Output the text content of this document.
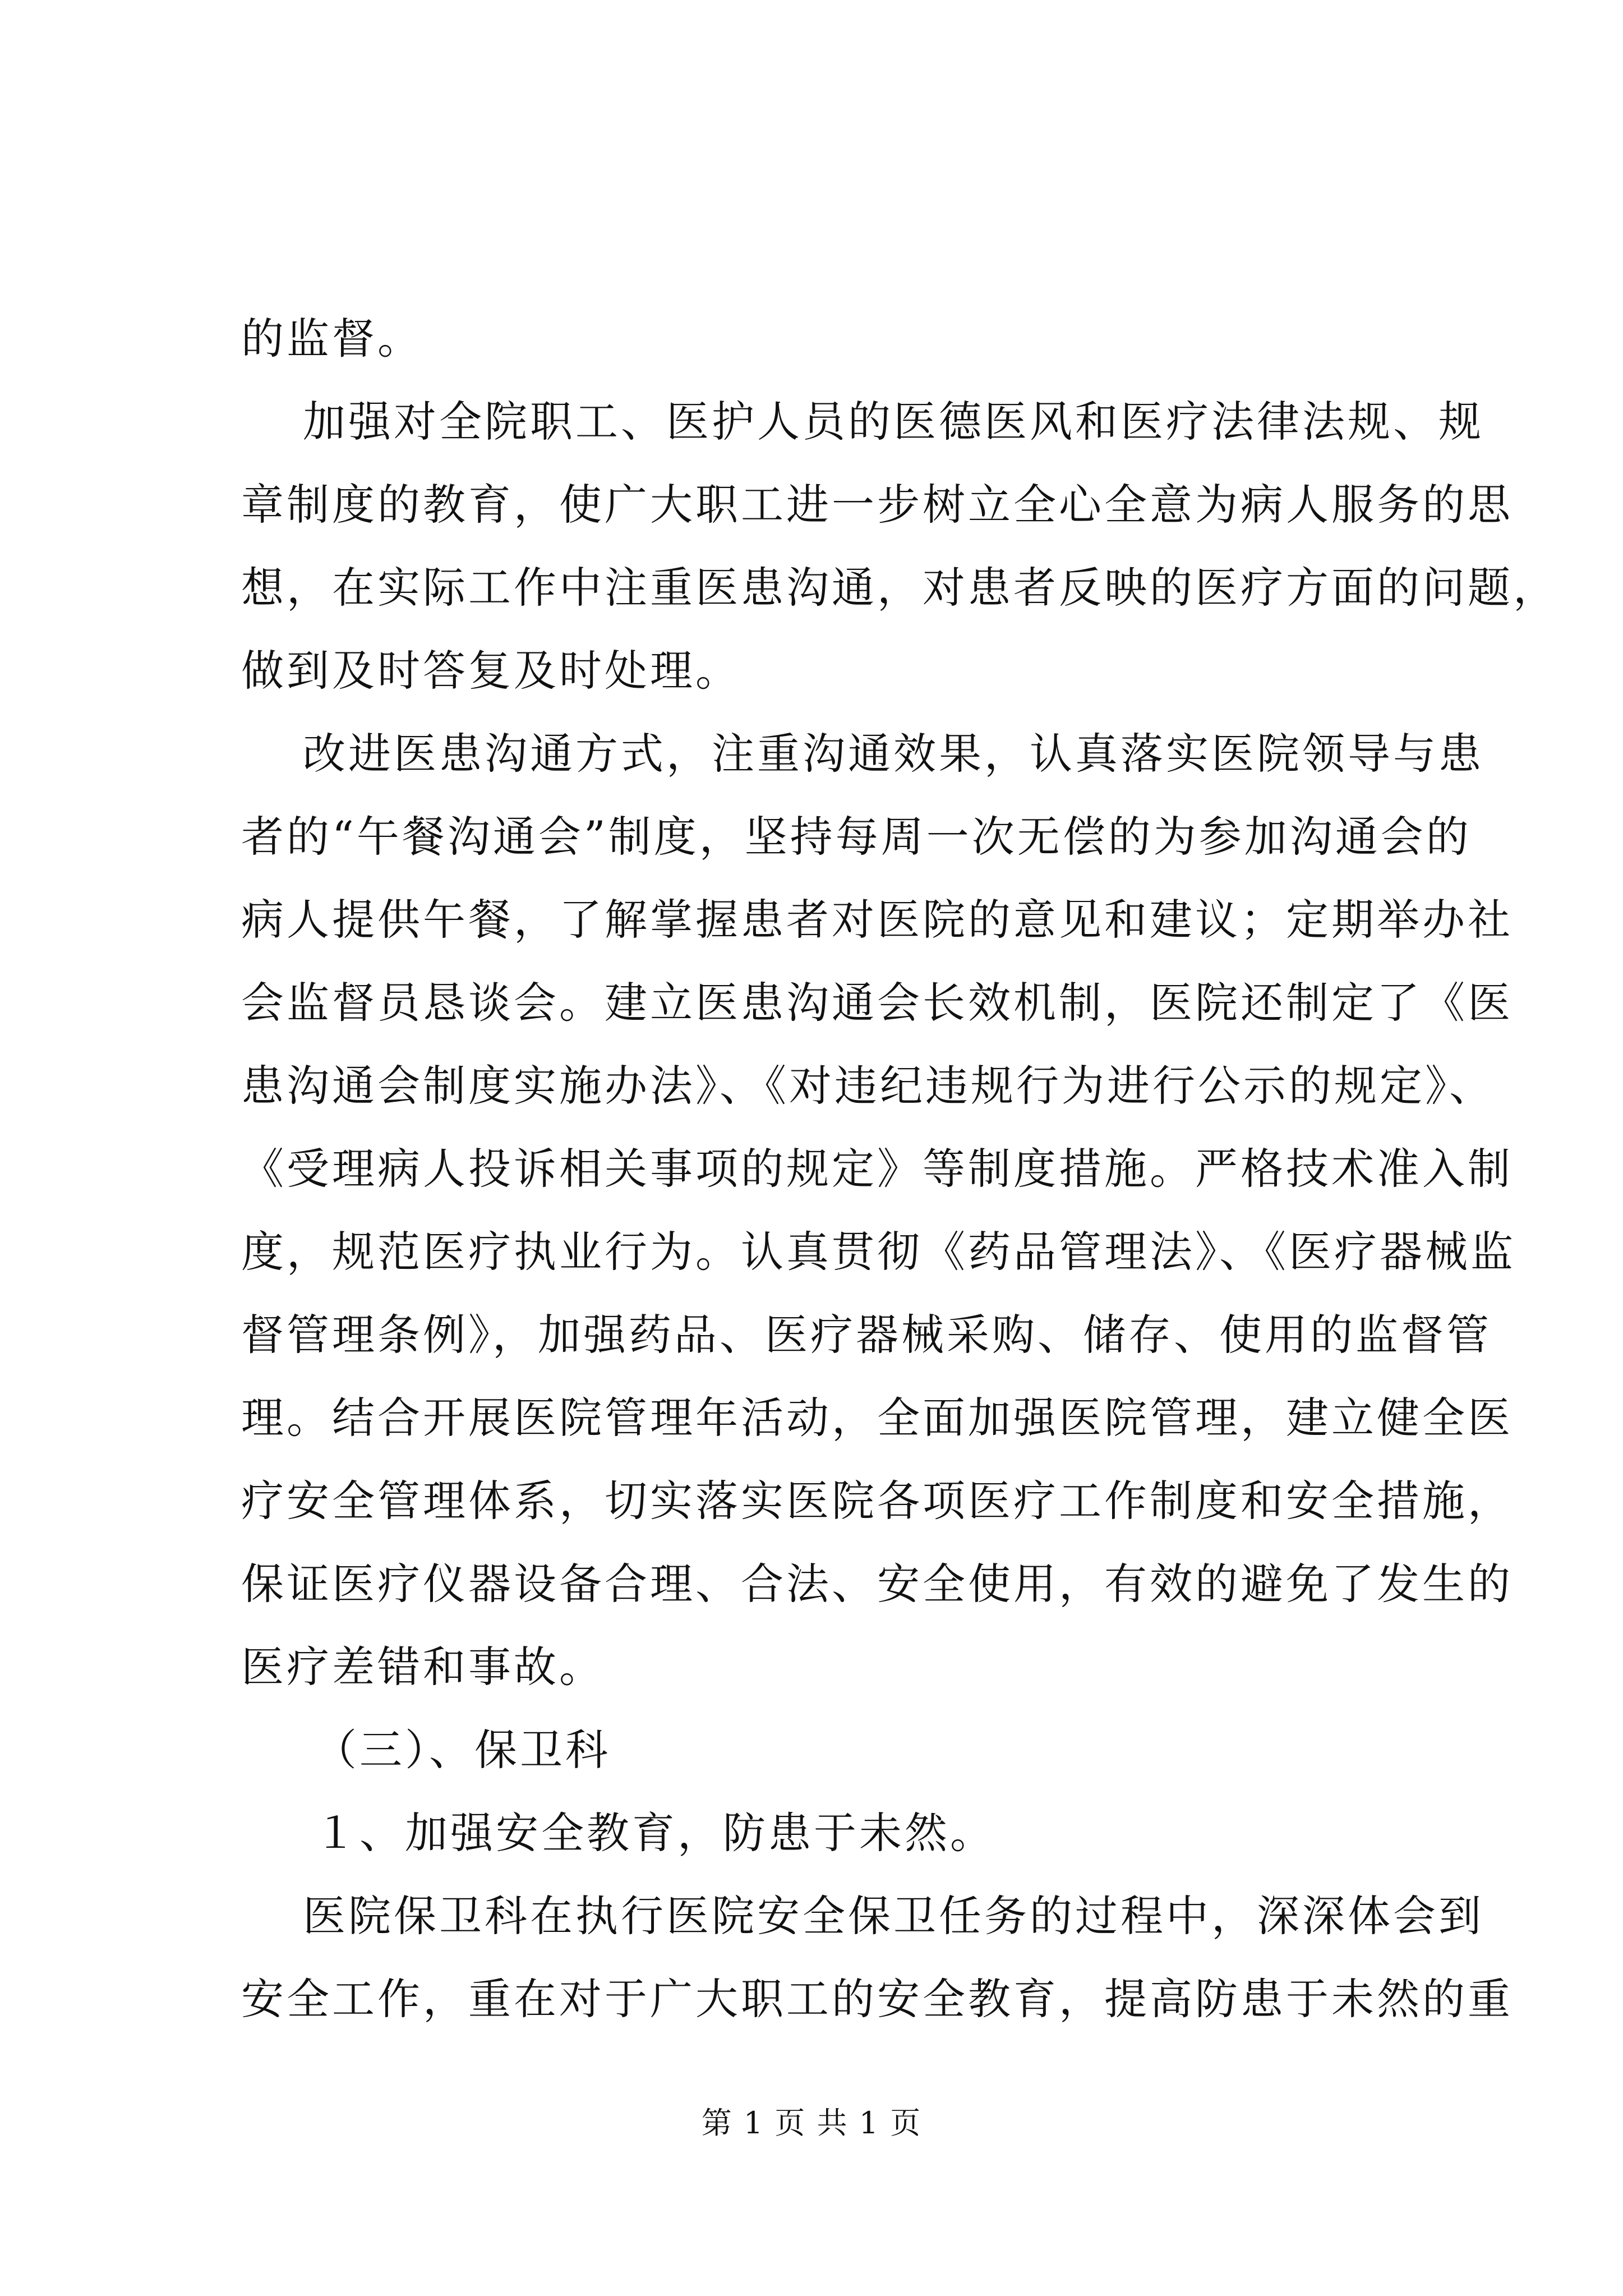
的监督。
加强对全院职工、医护人员的医德医风和医疗法律法规、规
章制度的教育，使广大职工进一步树立全心全意为病人服务的思
想，在实际工作中注重医患沟通，对患者反映的医疗方面的问题，
做到及时答复及时处理。
改进医患沟通方式，注重沟通效果，认真落实医院领导与患
者的“午餐沟通会”制度，坚持每周一次无偿的为参加沟通会的
病人提供午餐，了解掌握患者对医院的意见和建议；定期举办社
会监督员恳谈会。建立医患沟通会长效机制，医院还制定了《医
患沟通会制度实施办法》、《对违纪违规行为进行公示的规定》、
《受理病人投诉相关事项的规定》等制度措施。严格技术准入制
度，规范医疗执业行为。认真贯彻《药品管理法》、《医疗器械监
督管理条例》，加强药品、医疗器械采购、储存、使用的监督管
理。结合开展医院管理年活动，全面加强医院管理，建立健全医
疗安全管理体系，切实落实医院各项医疗工作制度和安全措施，
保证医疗仪器设备合理、合法、安全使用，有效的避免了发生的
医疗差错和事故。
（三）、保卫科
１、加强安全教育，防患于未然。
医院保卫科在执行医院安全保卫任务的过程中，深深体会到
安全工作，重在对于广大职工的安全教育，提高防患于未然的重
第 1 页 共 1 页
